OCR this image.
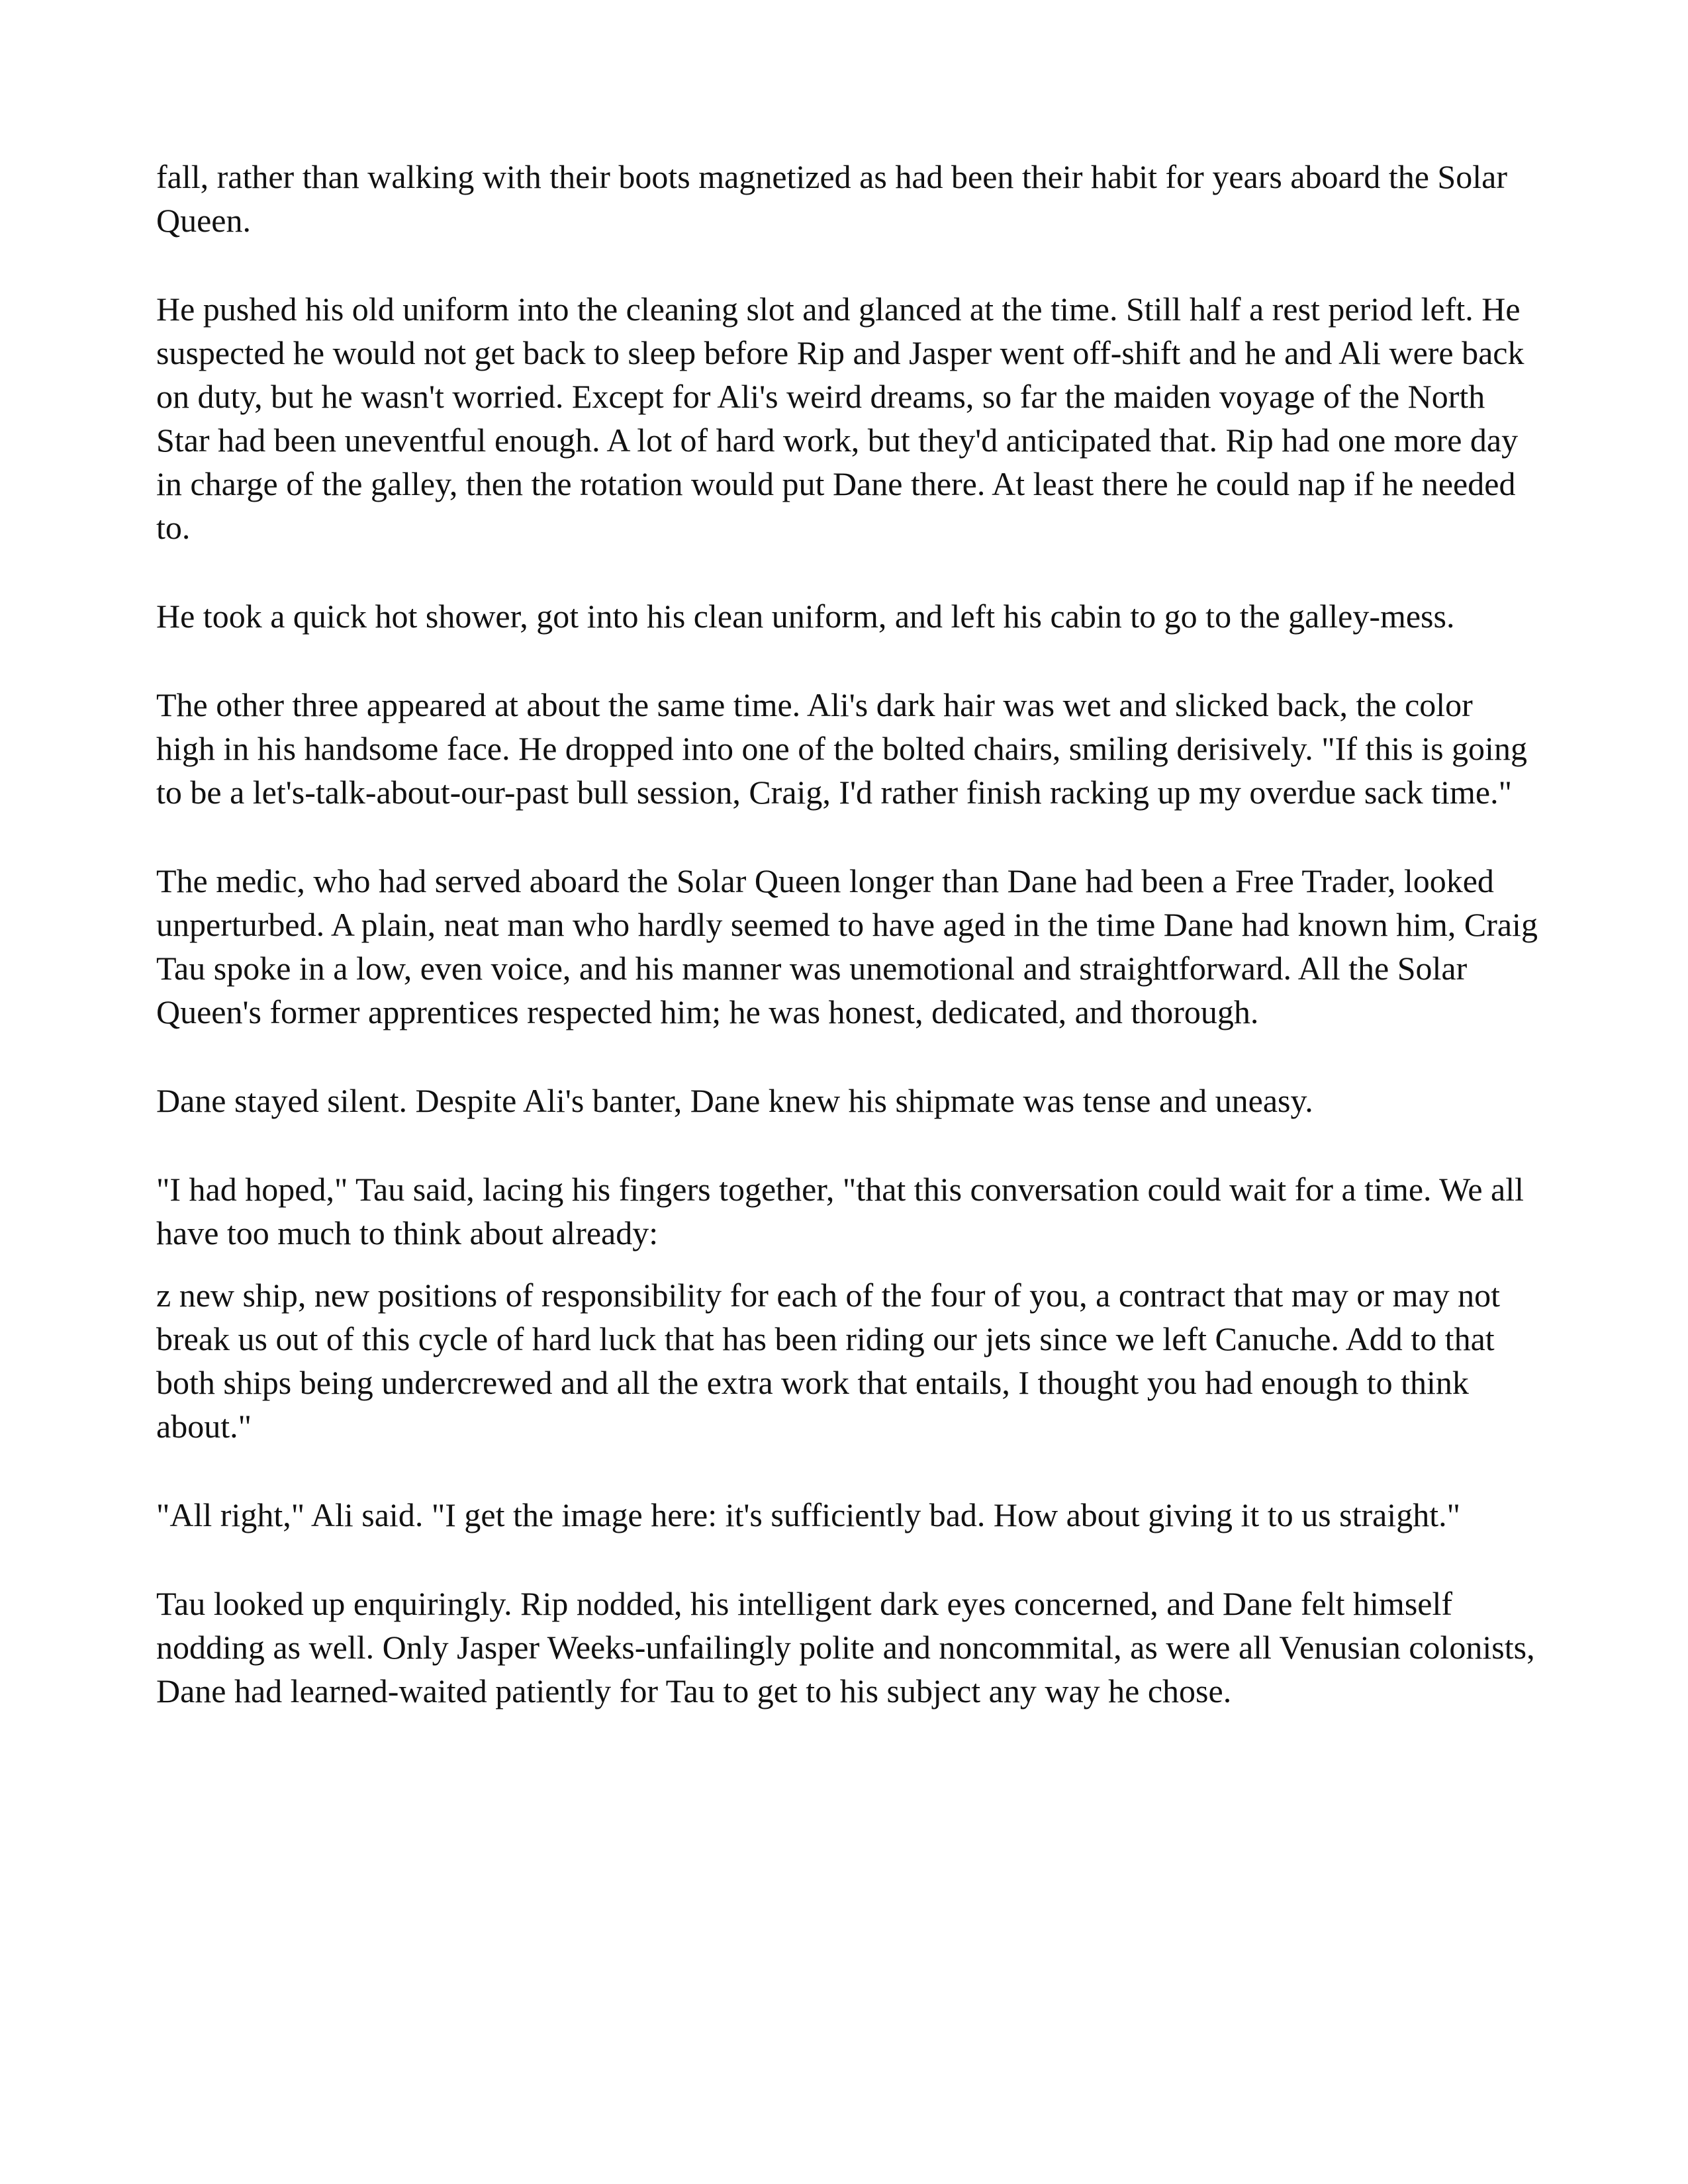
fall, rather than walking with their boots magnetized as had been their habit for years aboard the Solar Queen.

He pushed his old uniform into the cleaning slot and glanced at the time. Still half a rest period left. He suspected he would not get back to sleep before Rip and Jasper went off-shift and he and Ali were back on duty, but he wasn't worried. Except for Ali's weird dreams, so far the maiden voyage of the North Star had been uneventful enough. A lot of hard work, but they'd anticipated that. Rip had one more day in charge of the galley, then the rotation would put Dane there. At least there he could nap if he needed to.

He took a quick hot shower, got into his clean uniform, and left his cabin to go to the galley-mess.

The other three appeared at about the same time. Ali's dark hair was wet and slicked back, the color high in his handsome face. He dropped into one of the bolted chairs, smiling derisively. "If this is going to be a let's-talk-about-our-past bull session, Craig, I'd rather finish racking up my overdue sack time."

The medic, who had served aboard the Solar Queen longer than Dane had been a Free Trader, looked unperturbed. A plain, neat man who hardly seemed to have aged in the time Dane had known him, Craig Tau spoke in a low, even voice, and his manner was unemotional and straightforward. All the Solar Queen's former apprentices respected him; he was honest, dedicated, and thorough.

Dane stayed silent. Despite Ali's banter, Dane knew his shipmate was tense and uneasy.

"I had hoped," Tau said, lacing his fingers together, "that this conversation could wait for a time. We all have too much to think about already:

z new ship, new positions of responsibility for each of the four of you, a contract that may or may not break us out of this cycle of hard luck that has been riding our jets since we left Canuche. Add to that both ships being undercrewed and all the extra work that entails, I thought you had enough to think about."

"All right," Ali said. "I get the image here: it's sufficiently bad. How about giving it to us straight."

Tau looked up enquiringly. Rip nodded, his intelligent dark eyes concerned, and Dane felt himself nodding as well. Only Jasper Weeks-unfailingly polite and noncommital, as were all Venusian colonists, Dane had learned-waited patiently for Tau to get to his subject any way he chose.
